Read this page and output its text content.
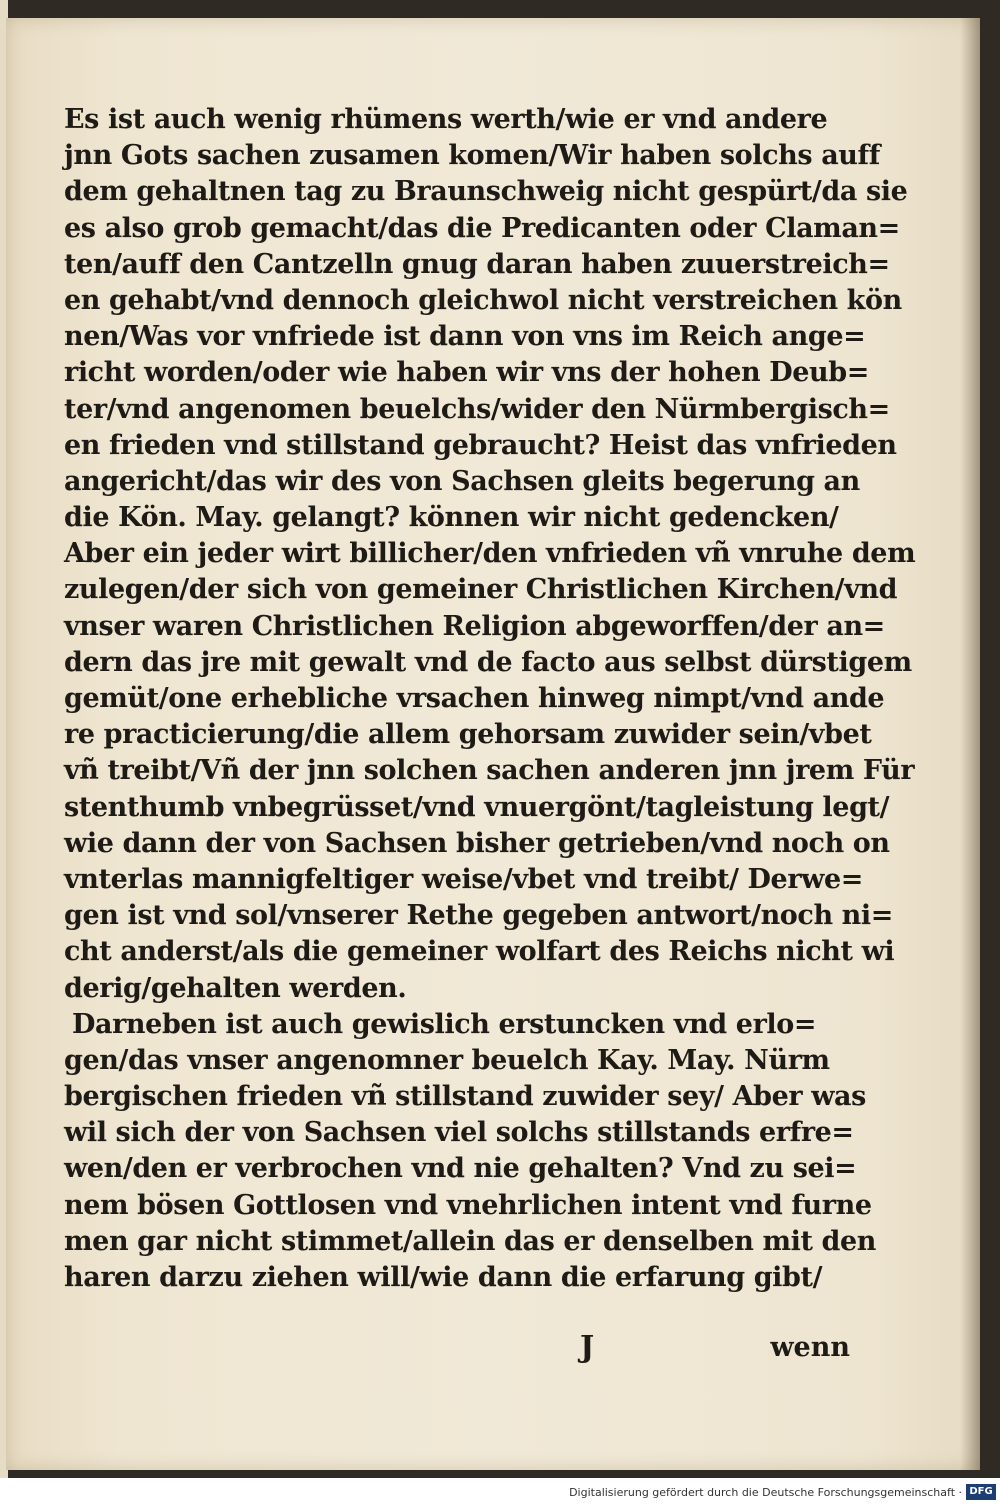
Es ist auch wenig rhümens werth/wie er vnd andere
jnn Gots sachen zusamen komen/Wir haben solchs auff
dem gehaltnen tag zu Braunschweig nicht gespürt/da sie
es also grob gemacht/das die Predicanten oder Claman=
ten/auff den Cantzelln gnug daran haben zuuerstreich=
en gehabt/vnd dennoch gleichwol nicht verstreichen kön
nen/Was vor vnfriede ist dann von vns im Reich ange=
richt worden/oder wie haben wir vns der hohen Deub=
ter/vnd angenomen beuelchs/wider den Nürmbergisch=
en frieden vnd stillstand gebraucht? Heist das vnfrieden
angericht/das wir des von Sachsen gleits begerung an
die Kön. May. gelangt? können wir nicht gedencken/
Aber ein jeder wirt billicher/den vnfrieden vñ vnruhe dem
zulegen/der sich von gemeiner Christlichen Kirchen/vnd
vnser waren Christlichen Religion abgeworffen/der an=
dern das jre mit gewalt vnd de facto aus selbst dürstigem
gemüt/one erhebliche vrsachen hinweg nimpt/vnd ande
re practicierung/die allem gehorsam zuwider sein/vbet
vñ treibt/Vñ der jnn solchen sachen anderen jnn jrem Für
stenthumb vnbegrüsset/vnd vnuergönt/tagleistung legt/
wie dann der von Sachsen bisher getrieben/vnd noch on
vnterlas mannigfeltiger weise/vbet vnd treibt/ Derwe=
gen ist vnd sol/vnserer Rethe gegeben antwort/noch ni=
cht anderst/als die gemeiner wolfart des Reichs nicht wi
derig/gehalten werden.
Darneben ist auch gewislich erstuncken vnd erlo=
gen/das vnser angenomner beuelch Kay. May. Nürm
bergischen frieden vñ stillstand zuwider sey/ Aber was
wil sich der von Sachsen viel solchs stillstands erfre=
wen/den er verbrochen vnd nie gehalten? Vnd zu sei=
nem bösen Gottlosen vnd vnehrlichen intent vnd furne
men gar nicht stimmet/allein das er denselben mit den
haren darzu ziehen will/wie dann die erfarung gibt/
J	wenn
Digitalisierung gefördert durch die Deutsche Forschungsgemeinschaft · DFG
